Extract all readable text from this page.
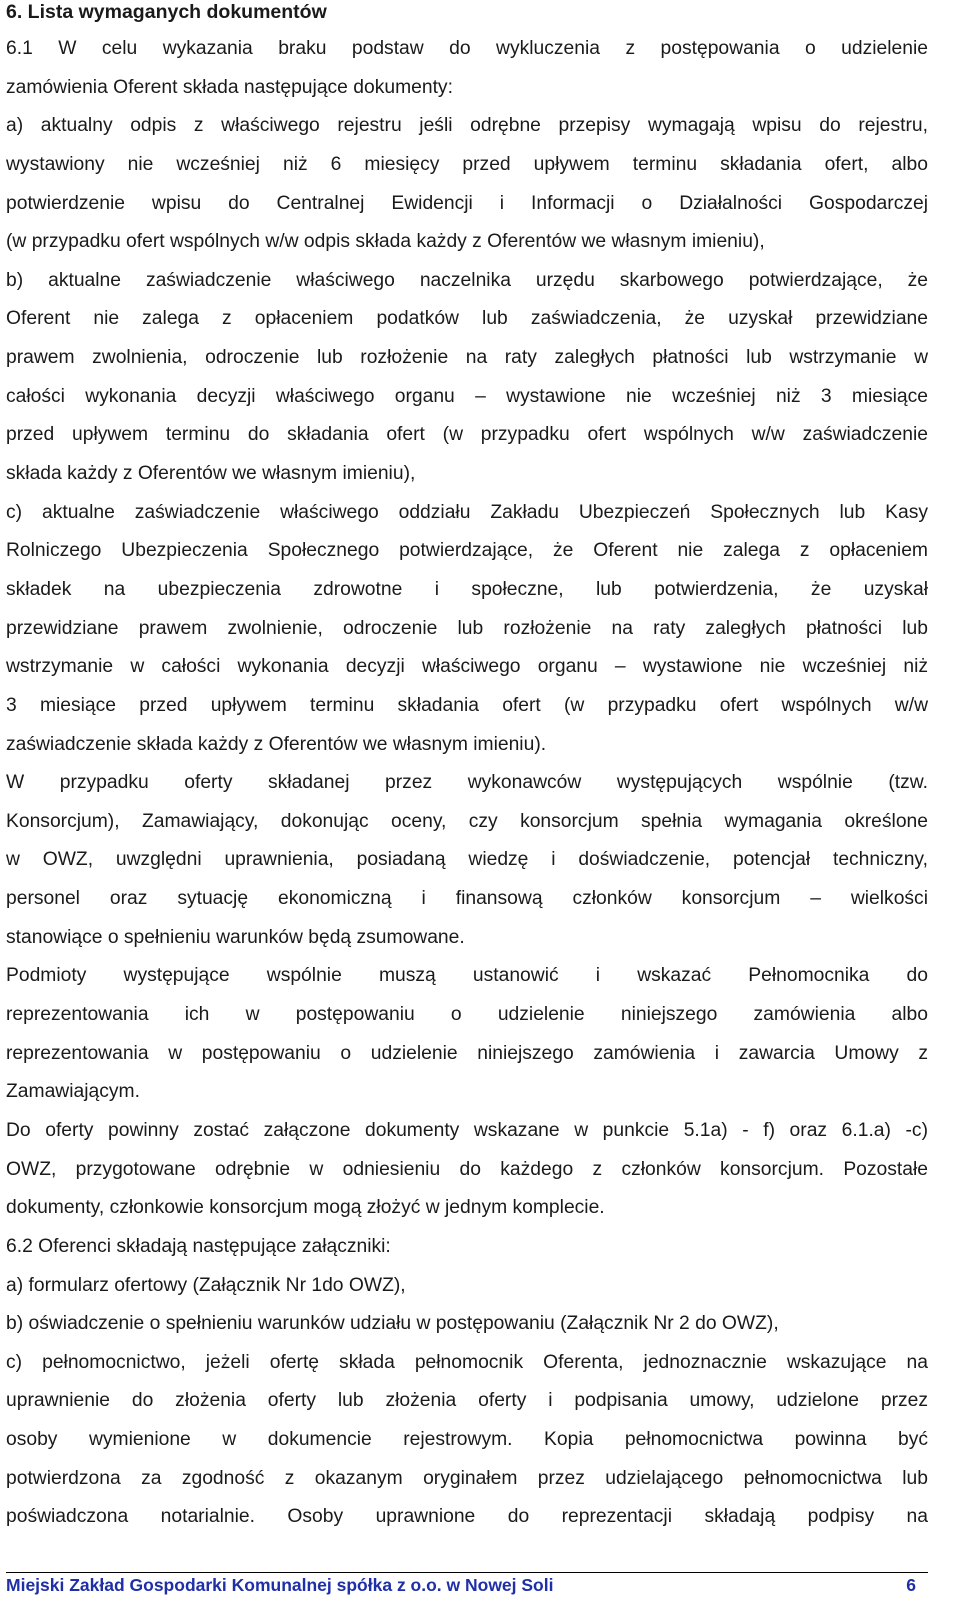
6. Lista wymaganych dokumentów
6.1 W celu wykazania braku podstaw do wykluczenia z postępowania o udzielenie
zamówienia Oferent składa następujące dokumenty:
a) aktualny odpis z właściwego rejestru jeśli odrębne przepisy wymagają wpisu do rejestru,
wystawiony nie wcześniej niż 6 miesięcy przed upływem terminu składania ofert, albo
potwierdzenie wpisu do Centralnej Ewidencji i Informacji o Działalności Gospodarczej
(w przypadku ofert wspólnych w/w odpis składa każdy z Oferentów we własnym imieniu),
b) aktualne zaświadczenie właściwego naczelnika urzędu skarbowego potwierdzające, że
Oferent nie zalega z opłaceniem podatków lub zaświadczenia, że uzyskał przewidziane
prawem zwolnienia, odroczenie lub rozłożenie na raty zaległych płatności lub wstrzymanie w
całości wykonania decyzji właściwego organu – wystawione nie wcześniej niż 3 miesiące
przed upływem terminu do składania ofert (w przypadku ofert wspólnych w/w zaświadczenie
składa każdy z Oferentów we własnym imieniu),
c) aktualne zaświadczenie właściwego oddziału Zakładu Ubezpieczeń Społecznych lub Kasy
Rolniczego Ubezpieczenia Społecznego potwierdzające, że Oferent nie zalega z opłaceniem
składek na ubezpieczenia zdrowotne i społeczne, lub potwierdzenia, że uzyskał
przewidziane prawem zwolnienie, odroczenie lub rozłożenie na raty zaległych płatności lub
wstrzymanie w całości wykonania decyzji właściwego organu – wystawione nie wcześniej niż
3 miesiące przed upływem terminu składania ofert (w przypadku ofert wspólnych w/w
zaświadczenie składa każdy z Oferentów we własnym imieniu).
W przypadku oferty składanej przez wykonawców występujących wspólnie (tzw.
Konsorcjum), Zamawiający, dokonując oceny, czy konsorcjum spełnia wymagania określone
w OWZ, uwzględni uprawnienia, posiadaną wiedzę i doświadczenie, potencjał techniczny,
personel oraz sytuację ekonomiczną i finansową członków konsorcjum – wielkości
stanowiące o spełnieniu warunków będą zsumowane.
Podmioty występujące wspólnie muszą ustanowić i wskazać Pełnomocnika do
reprezentowania ich w postępowaniu o udzielenie niniejszego zamówienia albo
reprezentowania w postępowaniu o udzielenie niniejszego zamówienia i zawarcia Umowy z
Zamawiającym.
Do oferty powinny zostać załączone dokumenty wskazane w punkcie 5.1a) - f) oraz 6.1.a) -c)
OWZ, przygotowane odrębnie w odniesieniu do każdego z członków konsorcjum. Pozostałe
dokumenty, członkowie konsorcjum mogą złożyć w jednym komplecie.
6.2 Oferenci składają następujące załączniki:
a) formularz ofertowy (Załącznik Nr 1do OWZ),
b) oświadczenie o spełnieniu warunków udziału w postępowaniu (Załącznik Nr 2 do OWZ),
c) pełnomocnictwo, jeżeli ofertę składa pełnomocnik Oferenta, jednoznacznie wskazujące na
uprawnienie do złożenia oferty lub złożenia oferty i podpisania umowy, udzielone przez
osoby wymienione w dokumencie rejestrowym. Kopia pełnomocnictwa powinna być
potwierdzona za zgodność z okazanym oryginałem przez udzielającego pełnomocnictwa lub
poświadczona notarialnie. Osoby uprawnione do reprezentacji składają podpisy na
Miejski Zakład Gospodarki Komunalnej spółka z o.o. w Nowej Soli	6
